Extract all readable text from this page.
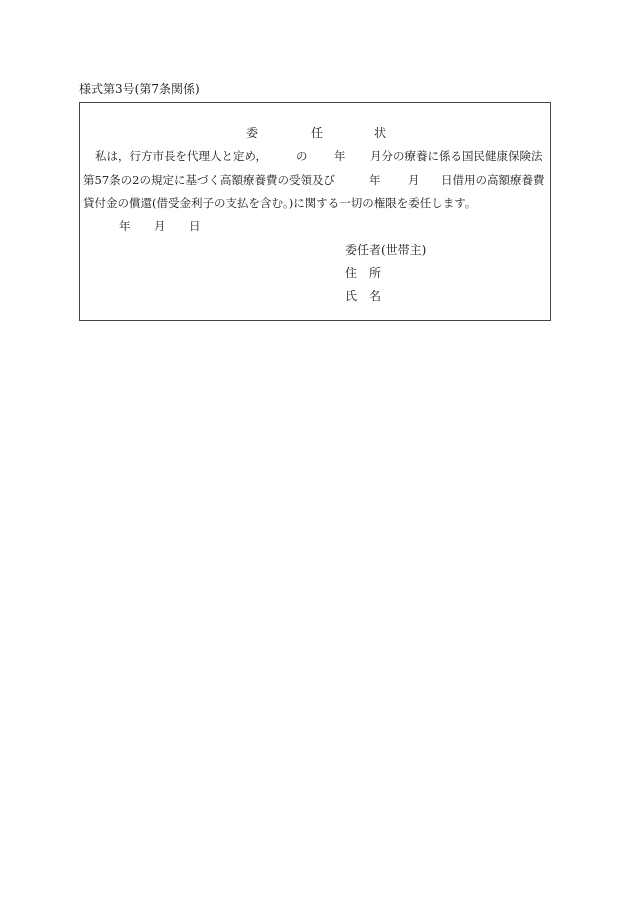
様式第3号(第7条関係)
委	任	状
私は，行方市長を代理人と定め，	の 年 月分の療養に係る国民健康保険法
第57条の2の規定に基づく高額療養費の受領及び	年 月 日借用の高額療養費
貸付金の償還(借受金利子の支払を含む。)に関する一切の権限を委任します。
年 月 日
委任者(世帯主)
住　所
氏　名
